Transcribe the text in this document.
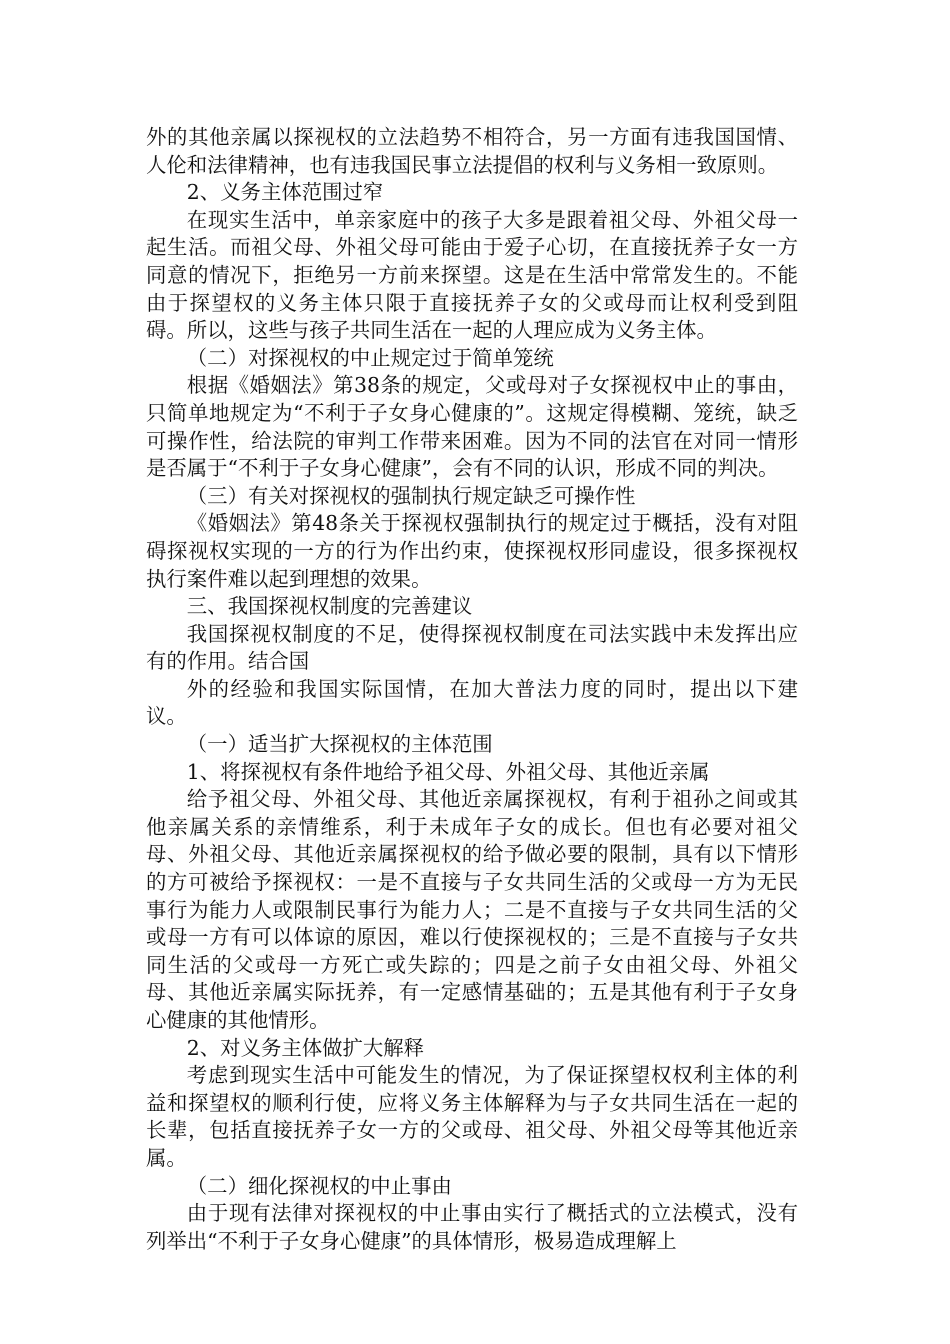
外的其他亲属以探视权的立法趋势不相符合，另一方面有违我国国情、人伦和法律精神，也有违我国民事立法提倡的权利与义务相一致原则。

2、义务主体范围过窄

在现实生活中，单亲家庭中的孩子大多是跟着祖父母、外祖父母一起生活。而祖父母、外祖父母可能由于爱子心切，在直接抚养子女一方同意的情况下，拒绝另一方前来探望。这是在生活中常常发生的。不能由于探望权的义务主体只限于直接抚养子女的父或母而让权利受到阻碍。所以，这些与孩子共同生活在一起的人理应成为义务主体。

（二）对探视权的中止规定过于简单笼统

根据《婚姻法》第38条的规定，父或母对子女探视权中止的事由，只简单地规定为“不利于子女身心健康的”。这规定得模糊、笼统，缺乏可操作性，给法院的审判工作带来困难。因为不同的法官在对同一情形是否属于“不利于子女身心健康”，会有不同的认识，形成不同的判决。

（三）有关对探视权的强制执行规定缺乏可操作性

《婚姻法》第48条关于探视权强制执行的规定过于概括，没有对阻碍探视权实现的一方的行为作出约束，使探视权形同虚设，很多探视权执行案件难以起到理想的效果。

三、我国探视权制度的完善建议

我国探视权制度的不足，使得探视权制度在司法实践中未发挥出应有的作用。结合国

外的经验和我国实际国情，在加大普法力度的同时，提出以下建议。

（一）适当扩大探视权的主体范围

1、将探视权有条件地给予祖父母、外祖父母、其他近亲属

给予祖父母、外祖父母、其他近亲属探视权，有利于祖孙之间或其他亲属关系的亲情维系，利于未成年子女的成长。但也有必要对祖父母、外祖父母、其他近亲属探视权的给予做必要的限制，具有以下情形的方可被给予探视权：一是不直接与子女共同生活的父或母一方为无民事行为能力人或限制民事行为能力人；二是不直接与子女共同生活的父或母一方有可以体谅的原因，难以行使探视权的；三是不直接与子女共同生活的父或母一方死亡或失踪的；四是之前子女由祖父母、外祖父母、其他近亲属实际抚养，有一定感情基础的；五是其他有利于子女身心健康的其他情形。

2、对义务主体做扩大解释

考虑到现实生活中可能发生的情况，为了保证探望权权利主体的利益和探望权的顺利行使，应将义务主体解释为与子女共同生活在一起的长辈，包括直接抚养子女一方的父或母、祖父母、外祖父母等其他近亲属。

（二）细化探视权的中止事由

由于现有法律对探视权的中止事由实行了概括式的立法模式，没有列举出“不利于子女身心健康”的具体情形，极易造成理解上
